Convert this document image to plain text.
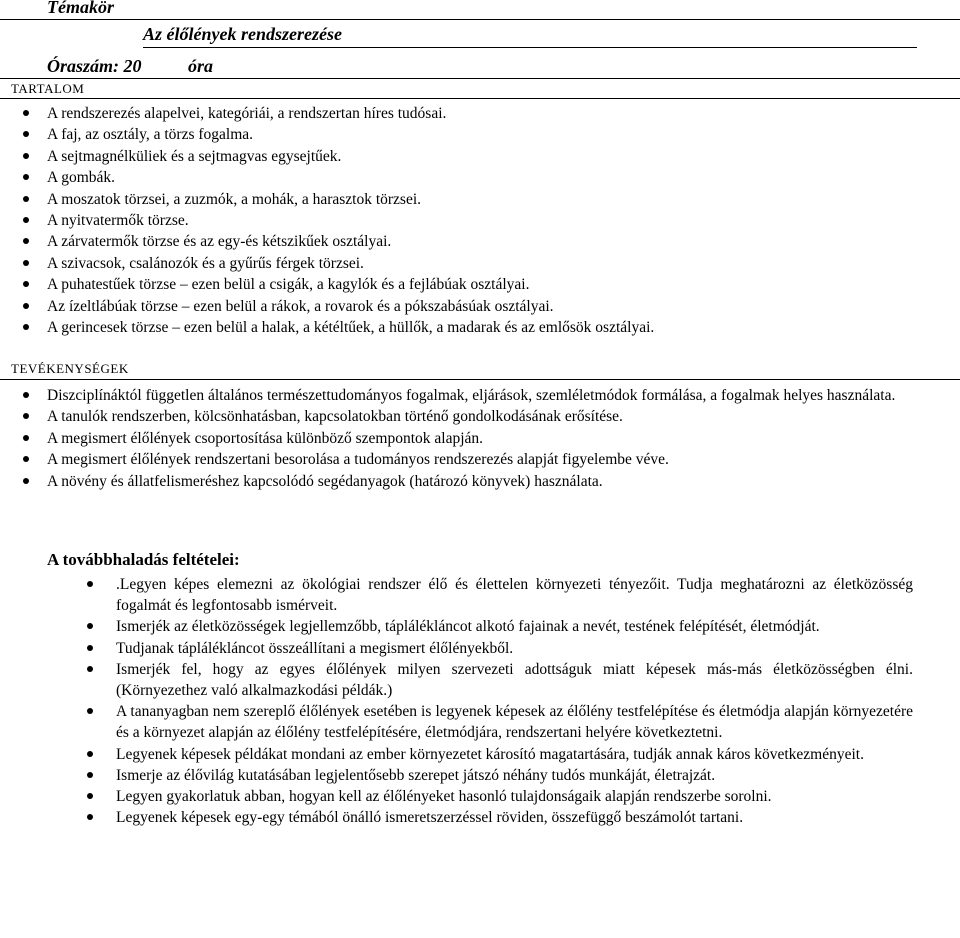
Témakör
Az élőlények rendszerezése
Óraszám: 20	óra
TARTALOM
A rendszerezés alapelvei, kategóriái, a rendszertan híres tudósai.
A faj, az osztály, a törzs fogalma.
A sejtmagnélküliek és a sejtmagvas egysejtűek.
A gombák.
A moszatok törzsei, a zuzmók, a mohák, a harasztok törzsei.
A nyitvatermők törzse.
A zárvatermők törzse és az egy-és kétszikűek osztályai.
A szivacsok, csalánozók és a gyűrűs férgek törzsei.
A puhatestűek törzse – ezen belül a csigák, a kagylók és a fejlábúak osztályai.
Az ízeltlábúak törzse – ezen belül a rákok, a rovarok és a pókszabásúak osztályai.
A gerincesek törzse – ezen belül a halak, a kétéltűek, a hüllők, a madarak és az emlősök osztályai.
TEVÉKENYSÉGEK
Diszciplínáktól független általános természettudományos fogalmak, eljárások, szemléletmódok formálása, a fogalmak helyes használata.
A tanulók rendszerben, kölcsönhatásban, kapcsolatokban történő gondolkodásának erősítése.
A megismert élőlények csoportosítása különböző szempontok alapján.
A megismert élőlények rendszertani besorolása a tudományos rendszerezés alapját figyelembe véve.
A növény és állatfelismeréshez kapcsolódó segédanyagok (határozó könyvek) használata.
A továbbhaladás feltételei:
.Legyen képes elemezni az ökológiai rendszer élő és élettelen környezeti tényezőit. Tudja meghatározni az életközösség fogalmát és legfontosabb ismérveit.
Ismerjék az életközösségek legjellemzőbb, táplálékláncot alkotó fajainak a nevét, testének felépítését, életmódját.
Tudjanak táplálékláncot összeállítani a megismert élőlényekből.
Ismerjék fel, hogy az egyes élőlények milyen szervezeti adottságuk miatt képesek más-más életközösségben élni. (Környezethez való alkalmazkodási példák.)
A tananyagban nem szereplő élőlények esetében is legyenek képesek az élőlény testfelépítése és életmódja alapján környezetére és a környezet alapján az élőlény testfelépítésére, életmódjára, rendszertani helyére következtetni.
Legyenek képesek példákat mondani az ember környezetet károsító magatartására, tudják annak káros következményeit.
Ismerje az élővilág kutatásában legjelentősebb szerepet játszó néhány tudós munkáját, életrajzát.
Legyen gyakorlatuk abban, hogyan kell az élőlényeket hasonló tulajdonságaik alapján rendszerbe sorolni.
Legyenek képesek egy-egy témából önálló ismeretszerzéssel röviden, összefüggő beszámolót tartani.
